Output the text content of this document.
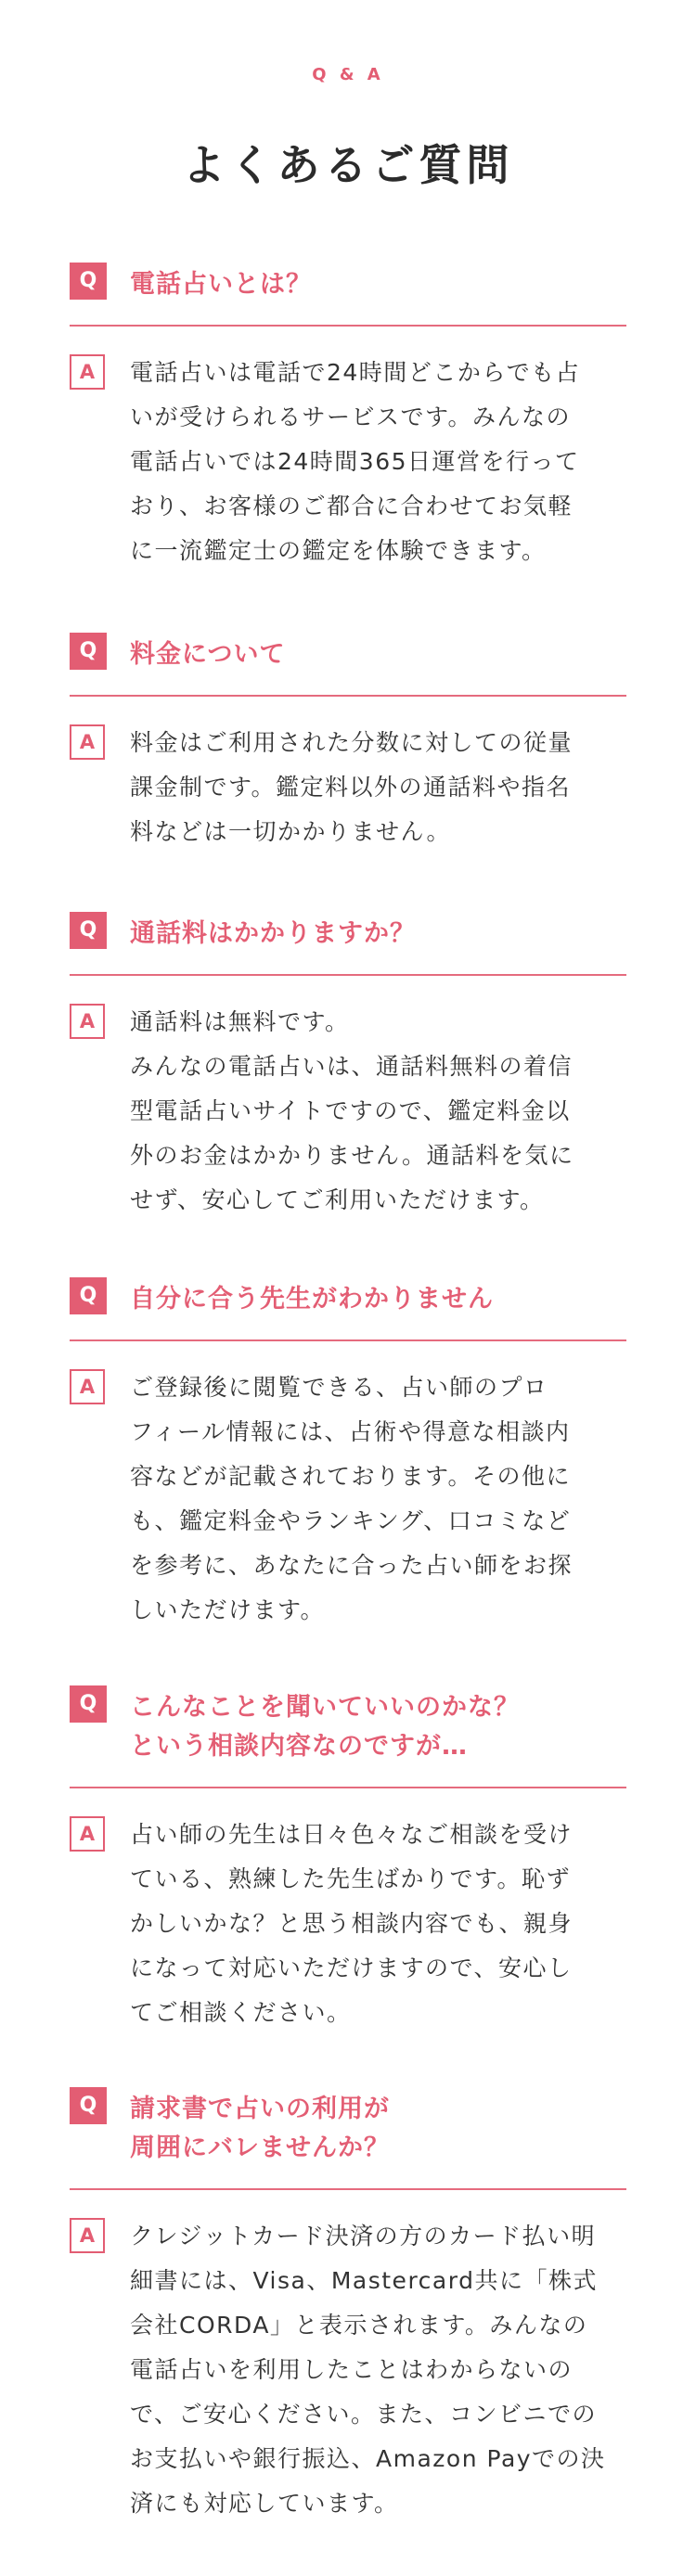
Q & A
よくあるご質問
Q	電話占いとは？
A	電話占いは電話で24時間どこからでも占
いが受けられるサービスです。みんなの
電話占いでは24時間365日運営を行って
おり、お客様のご都合に合わせてお気軽
に一流鑑定士の鑑定を体験できます。
Q	料金について
A	料金はご利用された分数に対しての従量
課金制です。鑑定料以外の通話料や指名
料などは一切かかりません。
Q	通話料はかかりますか？
A	通話料は無料です。
みんなの電話占いは、通話料無料の着信
型電話占いサイトですので、鑑定料金以
外のお金はかかりません。通話料を気に
せず、安心してご利用いただけます。
Q	自分に合う先生がわかりません
A	ご登録後に閲覧できる、占い師のプロ
フィール情報には、占術や得意な相談内
容などが記載されております。その他に
も、鑑定料金やランキング、口コミなど
を参考に、あなたに合った占い師をお探
しいただけます。
Q	こんなことを聞いていいのかな？
という相談内容なのですが…
A	占い師の先生は日々色々なご相談を受け
ている、熟練した先生ばかりです。恥ず
かしいかな？と思う相談内容でも、親身
になって対応いただけますので、安心し
てご相談ください。
Q	請求書で占いの利用が
周囲にバレませんか？
A	クレジットカード決済の方のカード払い明
細書には、Visa、Mastercard共に「株式
会社CORDA」と表示されます。みんなの
電話占いを利用したことはわからないの
で、ご安心ください。また、コンビニでの
お支払いや銀行振込、Amazon Payでの決
済にも対応しています。
